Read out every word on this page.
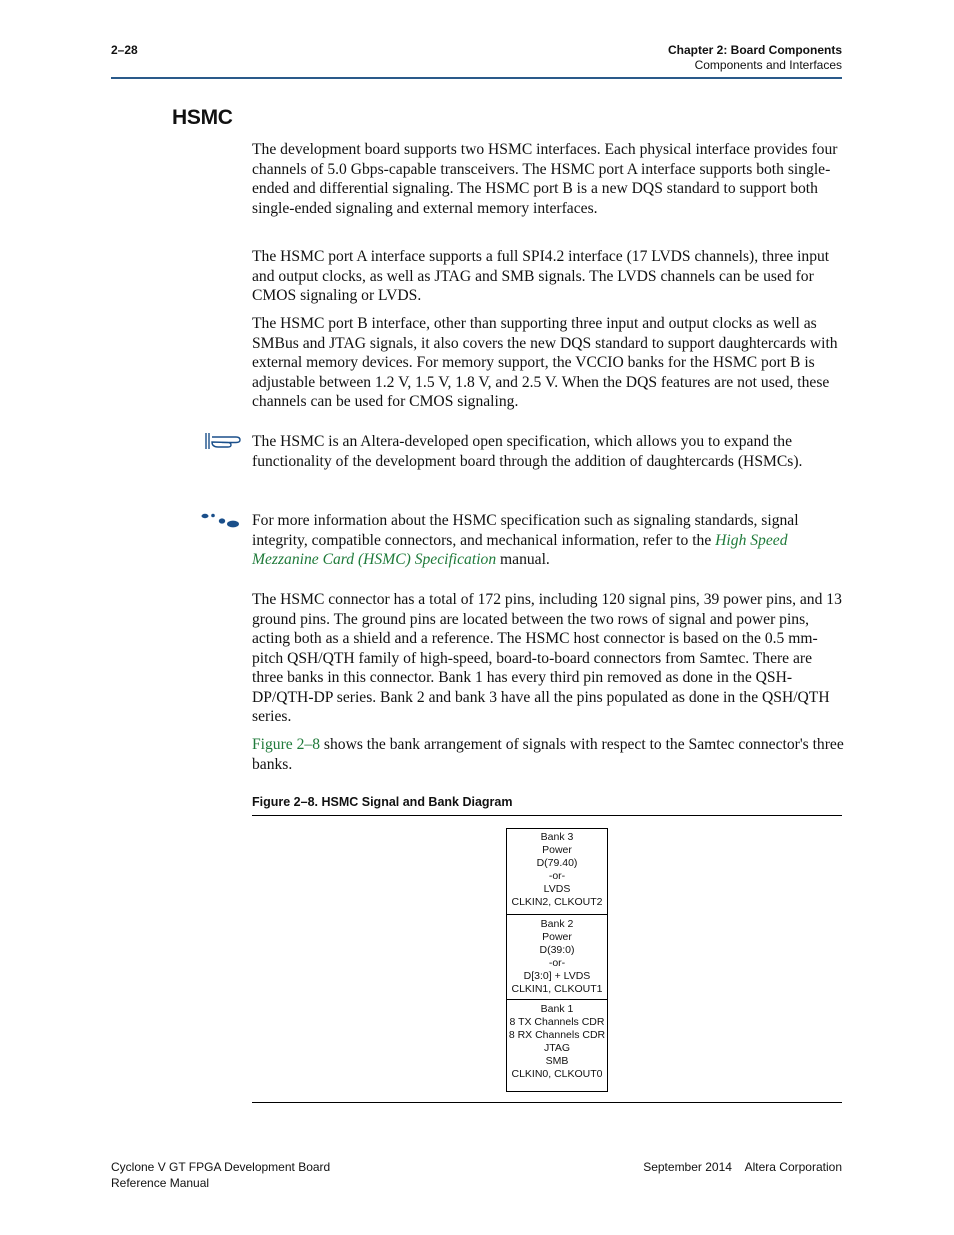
2–28	Chapter 2: Board Components
Components and Interfaces
HSMC

The development board supports two HSMC interfaces. Each physical interface provides four channels of 5.0 Gbps-capable transceivers. The HSMC port A interface supports both single-ended and differential signaling. The HSMC port B is a new DQS standard to support both single-ended signaling and external memory interfaces.

The HSMC port A interface supports a full SPI4.2 interface (17 LVDS channels), three input and output clocks, as well as JTAG and SMB signals. The LVDS channels can be used for CMOS signaling or LVDS.

The HSMC port B interface, other than supporting three input and output clocks as well as SMBus and JTAG signals, it also covers the new DQS standard to support daughtercards with external memory devices. For memory support, the VCCIO banks for the HSMC port B is adjustable between 1.2 V, 1.5 V, 1.8 V, and 2.5 V. When the DQS features are not used, these channels can be used for CMOS signaling.

The HSMC is an Altera-developed open specification, which allows you to expand the functionality of the development board through the addition of daughtercards (HSMCs).

For more information about the HSMC specification such as signaling standards, signal integrity, compatible connectors, and mechanical information, refer to the High Speed Mezzanine Card (HSMC) Specification manual.

The HSMC connector has a total of 172 pins, including 120 signal pins, 39 power pins, and 13 ground pins. The ground pins are located between the two rows of signal and power pins, acting both as a shield and a reference. The HSMC host connector is based on the 0.5 mm-pitch QSH/QTH family of high-speed, board-to-board connectors from Samtec. There are three banks in this connector. Bank 1 has every third pin removed as done in the QSH-DP/QTH-DP series. Bank 2 and bank 3 have all the pins populated as done in the QSH/QTH series.

Figure 2–8 shows the bank arrangement of signals with respect to the Samtec connector's three banks.

Figure 2–8. HSMC Signal and Bank Diagram
Bank 3
Power
D(79.40)
-or-
LVDS
CLKIN2, CLKOUT2
Bank 2
Power
D(39:0)
-or-
D[3:0] + LVDS
CLKIN1, CLKOUT1
Bank 1
8 TX Channels CDR
8 RX Channels CDR
JTAG
SMB
CLKIN0, CLKOUT0
Cyclone V GT FPGA Development Board
Reference Manual
September 2014    Altera Corporation
